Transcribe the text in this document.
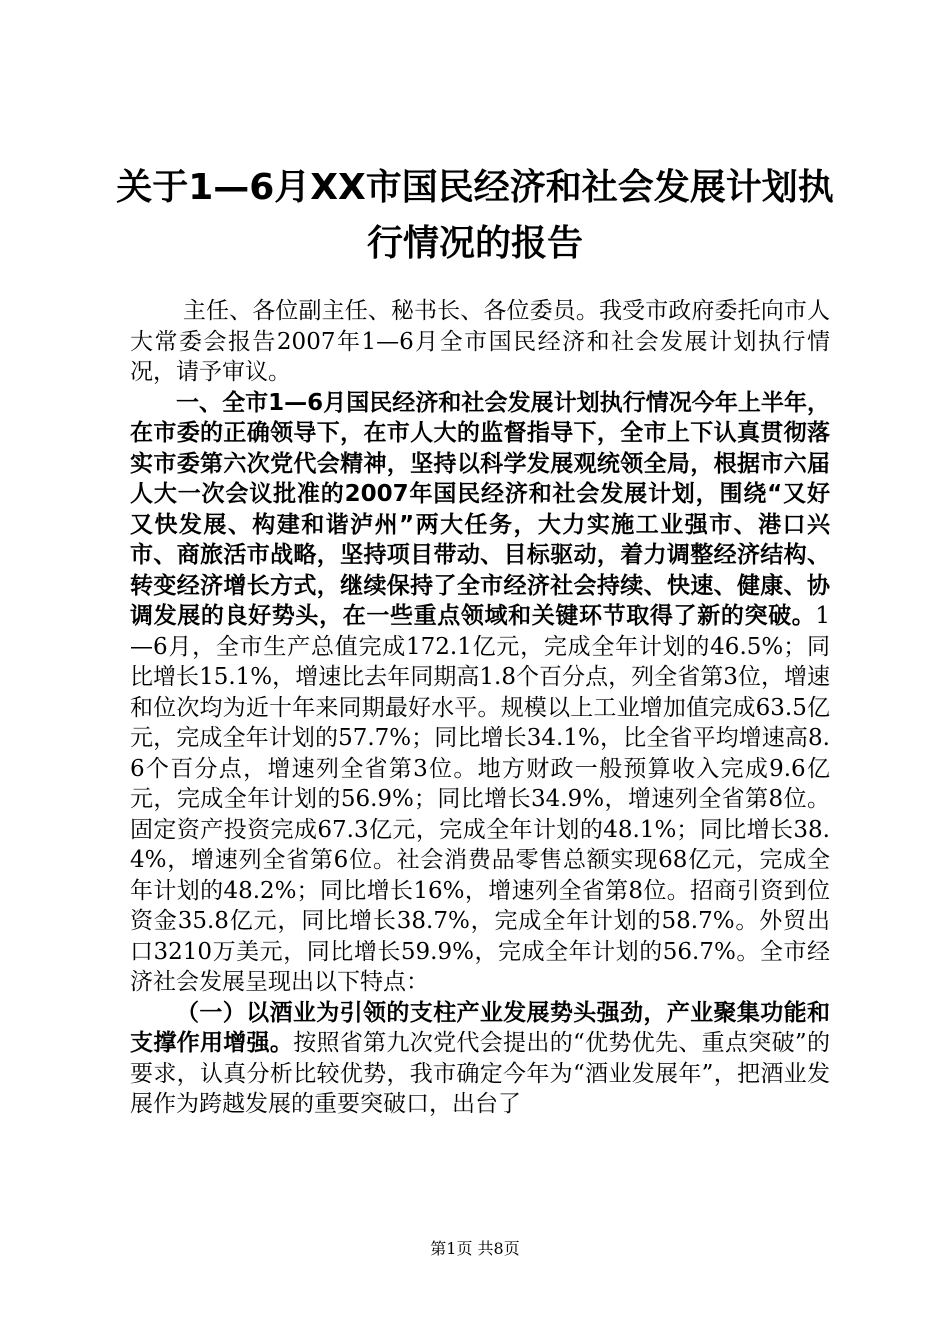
关于1—6月XX市国民经济和社会发展计划执
行情况的报告

主任、各位副主任、秘书长、各位委员。我受市政府委托向市人大常委会报告2007年1—6月全市国民经济和社会发展计划执行情况，请予审议。

一、全市1—6月国民经济和社会发展计划执行情况今年上半年，在市委的正确领导下，在市人大的监督指导下，全市上下认真贯彻落实市委第六次党代会精神，坚持以科学发展观统领全局，根据市六届人大一次会议批准的2007年国民经济和社会发展计划，围绕“又好又快发展、构建和谐泸州”两大任务，大力实施工业强市、港口兴市、商旅活市战略，坚持项目带动、目标驱动，着力调整经济结构、转变经济增长方式，继续保持了全市经济社会持续、快速、健康、协调发展的良好势头，在一些重点领域和关键环节取得了新的突破。1—6月，全市生产总值完成172.1亿元，完成全年计划的46.5%；同比增长15.1%，增速比去年同期高1.8个百分点，列全省第3位，增速和位次均为近十年来同期最好水平。规模以上工业增加值完成63.5亿元，完成全年计划的57.7%；同比增长34.1%，比全省平均增速高8.6个百分点，增速列全省第3位。地方财政一般预算收入完成9.6亿元，完成全年计划的56.9%；同比增长34.9%，增速列全省第8位。固定资产投资完成67.3亿元，完成全年计划的48.1%；同比增长38.4%，增速列全省第6位。社会消费品零售总额实现68亿元，完成全年计划的48.2%；同比增长16%，增速列全省第8位。招商引资到位资金35.8亿元，同比增长38.7%，完成全年计划的58.7%。外贸出口3210万美元，同比增长59.9%，完成全年计划的56.7%。全市经济社会发展呈现出以下特点：

（一）以酒业为引领的支柱产业发展势头强劲，产业聚集功能和支撑作用增强。按照省第九次党代会提出的“优势优先、重点突破”的要求，认真分析比较优势，我市确定今年为“酒业发展年”，把酒业发展作为跨越发展的重要突破口，出台了

第1页 共8页
